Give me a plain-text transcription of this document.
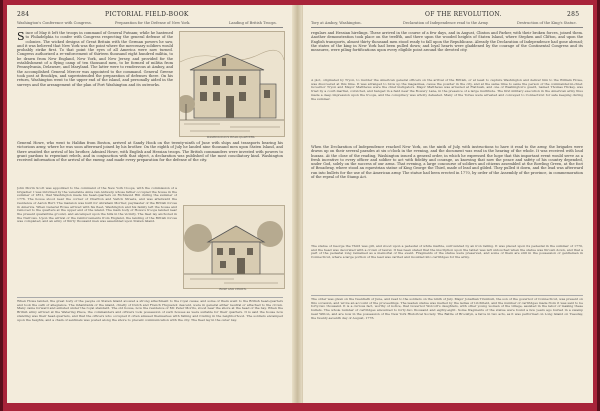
284	PICTORIAL FIELD-BOOK
Washington's Conference with Congress.	Preparation for the Defense of New York.	Landing of British Troops.
Since of May it left the troops in command of General Putnam; while he hastened to Philadelphia to confer with Congress respecting the general defense of the colonies. The wicked designs of Great Britain with the German powers he saw, and it was believed that New York was the point where the mercenary soldiers would probably strike first. To that point the eyes of all America were now turned. Congress authorized a re-enforcement of thirteen thousand eight hundred militia, to be drawn from New England, New York, and New Jersey, and provided for the establishment of a flying camp of ten thousand men, to be formed of militia from Pennsylvania, Delaware, and Maryland. The latter were to rendezvous at Amboy, and the accomplished General Mercer was appointed to the command. General Greene took post at Brooklyn, and superintended the preparation of defenses there. On his return, Washington went to the upper end of the island, and personally aided in the surveys and the arrangement of the plan of Fort Washington and its outworks.
WASHINGTON'S HEAD-QUARTERS.
General Howe, who went to Halifax from Boston, arrived at Sandy Hook on the twenty-ninth of June with ships and transports bearing his victorious army, where he was soon afterward joined by his brother. On the eighth of July he landed nine thousand men upon Staten Island, and there awaited the arrival of his brother, Admiral Howe, with English and Hessian troops. The British commanders were invested with powers to grant pardons to repentant rebels, and in conjunction with that object, a declaration was published of the most conciliatory kind. Washington received information of the arrival of the enemy, and made every preparation for the defense of the city.
John Morin Scott was appointed to the command of the New York troops, with the commission of a brigadier. I was informed by the venerable Anna van Antwerp whose father occupied the house in the summer of 1851, that Washington made his head-quarters on Richmond Hill during the summer of 1776. The house stood near the corner of Charlton and Varick Streets, and was afterward the residence of Aaron Burr. The mansion was built for Abraham Mortier, paymaster of the British forces in America. When General Howe arrived with his fleet, Washington and his family left the house and removed to the quarters at the upper end of the island. The main body of Howe's troops landed near the present quarantine ground, and encamped upon the hills in the vicinity. The fleet lay anchored in the Narrows. Upon the arrival of the reinforcements from England, the landing of the British forces was completed, and an army of thirty thousand men was assembled upon Staten Island.
ROSE AND CROWN.
When Howe landed, the great body of the people on Staten Island avowed a strong attachment to the royal cause; and some of them went to the British head-quarters and took the oath of allegiance. The inhabitants of the island, chiefly of Dutch and French Huguenot descent, were in general either neutral or attached to the crown. Many came forward and enlisted under the royal standard. The old house, now the residence of Mr. Peter Morris, stood near the shore at the head of the bay. When the British army arrived at the Watering Place, the commanders and officers took possession of such houses as were suitable for their quarters. It is said the house now standing was their head-quarters, and that the officers who occupied it often amused themselves with fishing and fowling in the neighborhood. The soldiers encamped upon the heights, and a chain of sentinels was posted along the shore to prevent communication with the city. The fleet lay in the outer bay.
OF THE REVOLUTION.	285
Tory at Amboy, Washington.	Declaration of Independence read to the Army.	Destruction of the King's Statue.
regulars and Hessian hirelings. These arrived in the course of a few days, and in August, Clinton and Parker, with their broken forces, joined them. Another demonstration took place on the twelfth, and there upon the wooded heights of Staten Island, where Stephen and Clifton, and upon the English transports, almost thirty thousand men stood ready to fall upon the Republicans. Already the Declaration of Independence had gone abroad; the states of the king in New York had been pulled down; and loyal hearts were gladdened by the courage of the Continental Congress and its measures, were piling fortifications upon every eligible point around the devoted city.
A plot, originated by Tryon, to murder the American general officers on the arrival of the British, or at least to capture Washington and deliver him to the William Howe, was discovered at this time. It was arranged to blow up the magazines, cause the powder in the city, and at the same time to seize the person of the commander-in-chief. Governor Tryon and Mayor Matthews were the chief instigators. Major Matthews was arrested at Flatbush, and one of Washington's guard, named Thomas Hickey, was tried by a court-martial, convicted, and hanged in a field near the Bowery Lane, in the presence of a large multitude. The first military execution in the American army thus made a deep impression upon the troops, and the conspiracy was wholly defeated. Many of the Tories were arrested and conveyed to Connecticut for safe keeping during the summer.
When the Declaration of Independence reached New York, on the ninth of July, with instructions to have it read to the army, the brigades were drawn up on their several parades at six o'clock in the evening, and the document was read in the hearing of the whole. It was received with loud huzzas. At the close of the reading, Washington issued a general order, in which he expressed the hope that this important event would serve as a fresh incentive to every officer and soldier to act with fidelity and courage, as knowing that now the peace and safety of his country depended, under God, solely on the success of our arms. That evening, a large concourse of soldiers and citizens assembled at the Bowling Green, at the foot of Broadway, where stood an equestrian statue of King George the Third, made of lead and gilded. They pulled it down, and the lead was afterward run into bullets for the use of the American army. The statue had been erected in 1770, by order of the Assembly of the province, in commemoration of the repeal of the Stamp Act.
The statue of George the Third was gilt, and stood upon a pedestal of white marble, surrounded by an iron railing. It was placed upon its pedestal in the summer of 1770, and the head was decorated with a crown of laurel. It has been stated that the inscription upon the tablet was left untouched when the statue was thrown down, and that a part of the pedestal long remained as a memorial of the event. Fragments of the statue were preserved, and some of them are still in the possession of gentlemen in Connecticut, where a large portion of the lead was carried and moulded into cartridges for the army.
The order was given on the twentieth of June, and read to the soldiers on the ninth of July. Major Jonathan Trumbull, the son of the governor of Connecticut, was present on this occasion, and wrote an account of the proceedings. The leaden statue was melted by the ladies of Litchfield, and the number of cartridges made from it was said to be forty-two thousand. It is a curious fact, worthy of notice, that Governor Wolcott's daughters, with other young women of the village, assisted in the labor of making these bullets. The whole number of cartridges amounted to forty-two thousand and eighty-eight. Some fragments of the statue were found a few years ago buried in a swamp near Wilton, and are now in the possession of the New York Historical Society. The Battle of Brooklyn, a farce in two acts, as it was performed on Long Island on Tuesday, the twenty-seventh day of August, 1776.
